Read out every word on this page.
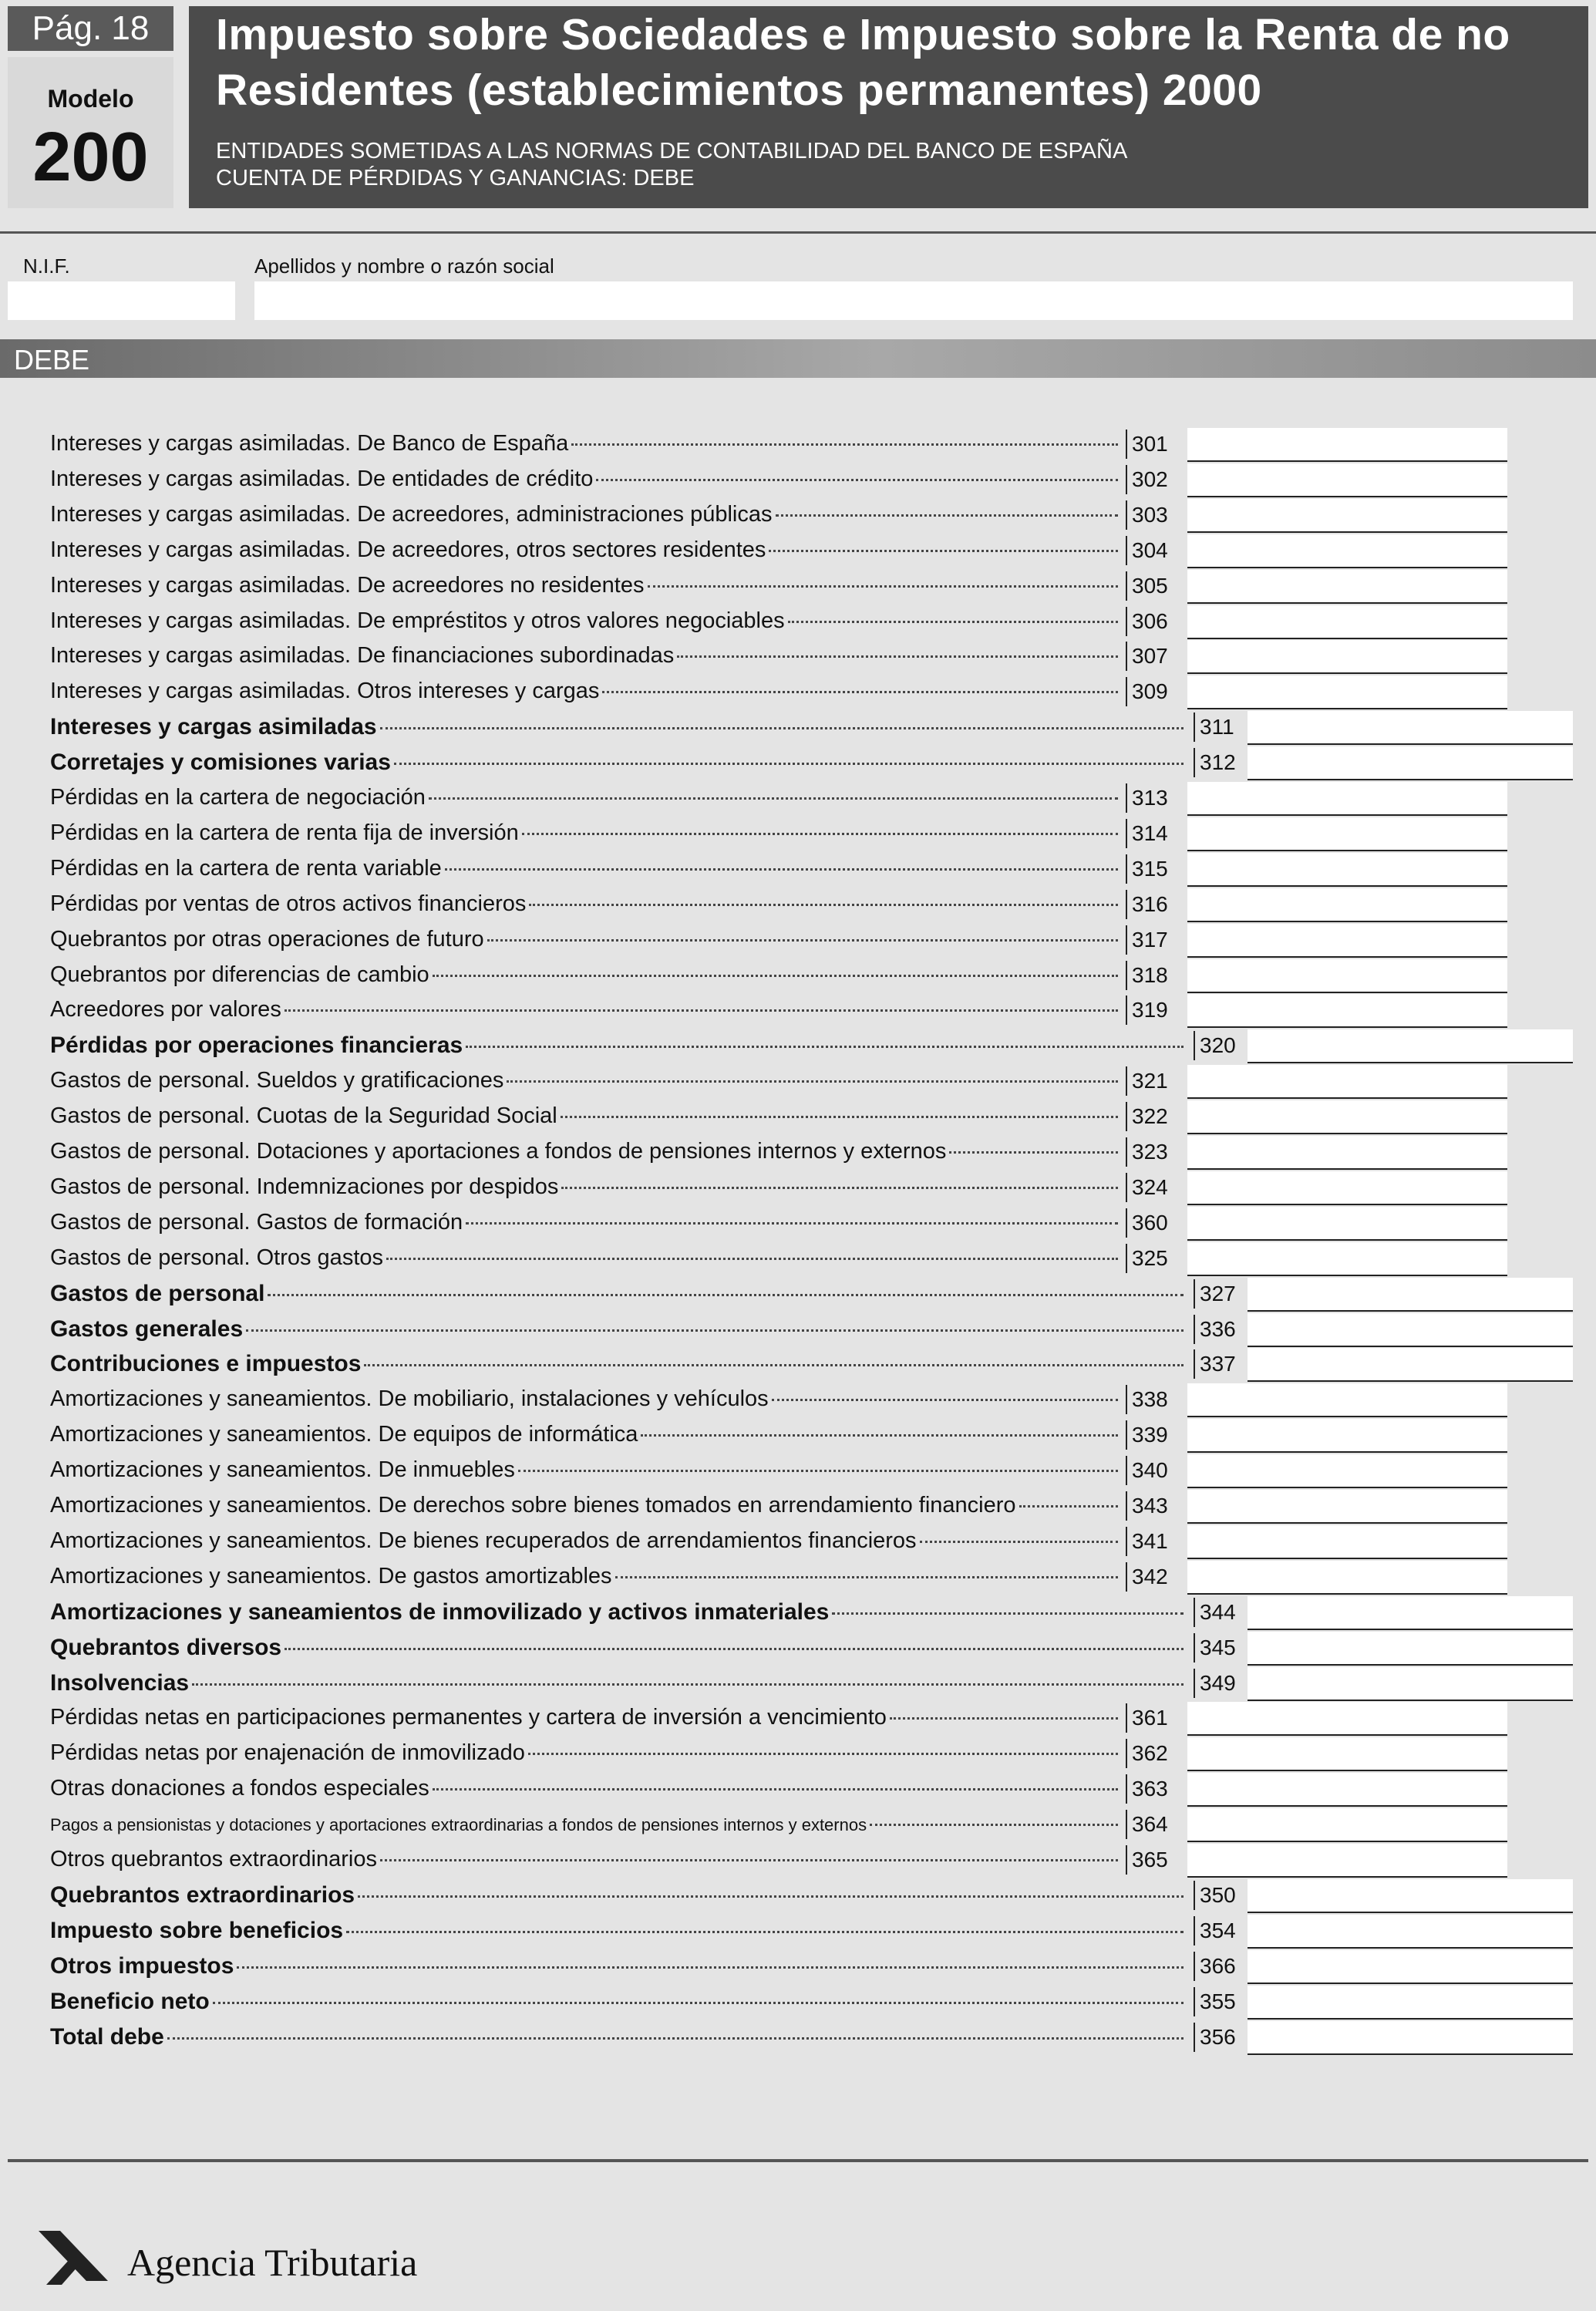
Pág. 18
Modelo
200
Impuesto sobre Sociedades e Impuesto sobre la Renta de no
Residentes (establecimientos permanentes) 2000
ENTIDADES SOMETIDAS A LAS NORMAS DE CONTABILIDAD DEL BANCO DE ESPAÑA
CUENTA DE PÉRDIDAS Y GANANCIAS: DEBE
N.I.F.	Apellidos y nombre o razón social
DEBE
Intereses y cargas asimiladas. De Banco de España	301
Intereses y cargas asimiladas. De entidades de crédito	302
Intereses y cargas asimiladas. De acreedores, administraciones públicas	303
Intereses y cargas asimiladas. De acreedores, otros sectores residentes	304
Intereses y cargas asimiladas. De acreedores no residentes	305
Intereses y cargas asimiladas. De empréstitos y otros valores negociables	306
Intereses y cargas asimiladas. De financiaciones subordinadas	307
Intereses y cargas asimiladas. Otros intereses y cargas	309
Intereses y cargas asimiladas	311
Corretajes y comisiones varias	312
Pérdidas en la cartera de negociación	313
Pérdidas en la cartera de renta fija de inversión	314
Pérdidas en la cartera de renta variable	315
Pérdidas por ventas de otros activos financieros	316
Quebrantos por otras operaciones de futuro	317
Quebrantos por diferencias de cambio	318
Acreedores por valores	319
Pérdidas por operaciones financieras	320
Gastos de personal. Sueldos y gratificaciones	321
Gastos de personal. Cuotas de la Seguridad Social	322
Gastos de personal. Dotaciones y aportaciones a fondos de pensiones internos y externos	323
Gastos de personal. Indemnizaciones por despidos	324
Gastos de personal. Gastos de formación	360
Gastos de personal. Otros gastos	325
Gastos de personal	327
Gastos generales	336
Contribuciones e impuestos	337
Amortizaciones y saneamientos. De mobiliario, instalaciones y vehículos	338
Amortizaciones y saneamientos. De equipos de informática	339
Amortizaciones y saneamientos. De inmuebles	340
Amortizaciones y saneamientos. De derechos sobre bienes tomados en arrendamiento financiero	343
Amortizaciones y saneamientos. De bienes recuperados de arrendamientos financieros	341
Amortizaciones y saneamientos. De gastos amortizables	342
Amortizaciones y saneamientos de inmovilizado y activos inmateriales	344
Quebrantos diversos	345
Insolvencias	349
Pérdidas netas en participaciones permanentes y cartera de inversión a vencimiento	361
Pérdidas netas por enajenación de inmovilizado	362
Otras donaciones a fondos especiales	363
Pagos a pensionistas y dotaciones y aportaciones extraordinarias a fondos de pensiones internos y externos	364
Otros quebrantos extraordinarios	365
Quebrantos extraordinarios	350
Impuesto sobre beneficios	354
Otros impuestos	366
Beneficio neto	355
Total debe	356
Agencia Tributaria
